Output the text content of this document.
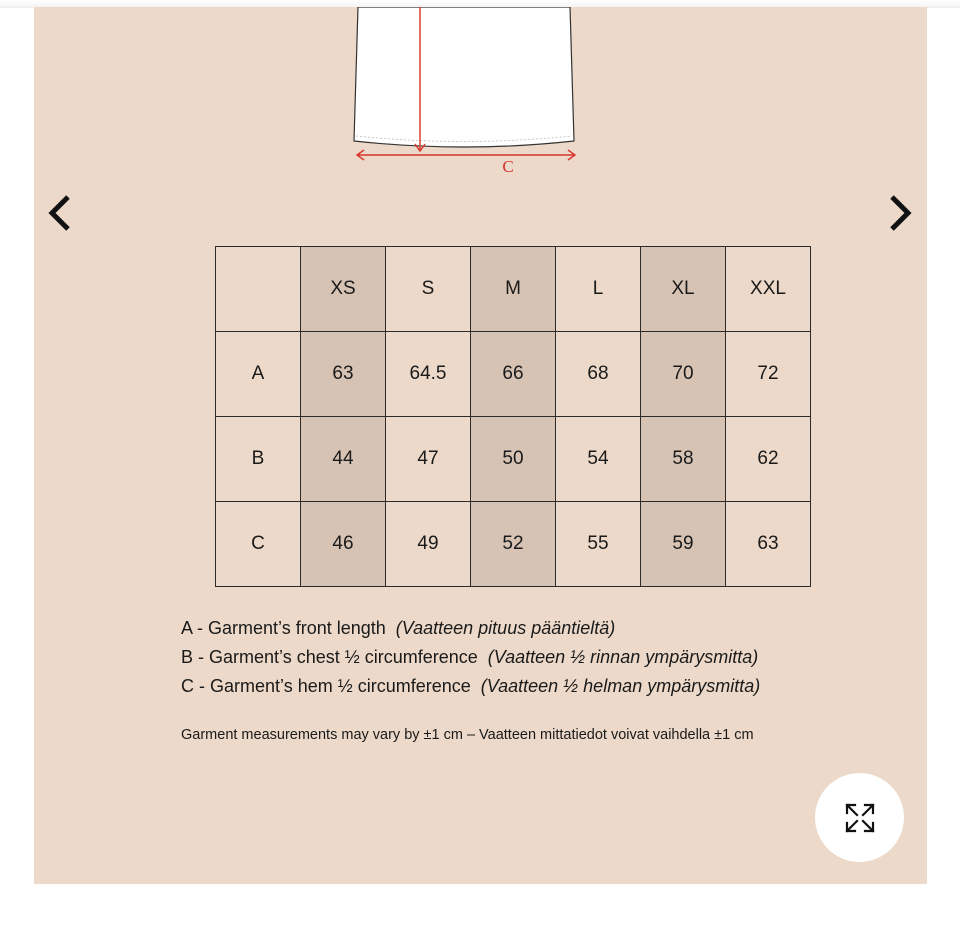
C
	XS	S	M	L	XL	XXL
A	63	64.5	66	68	70	72
B	44	47	50	54	58	62
C	46	49	52	55	59	63
A - Garment’s front length (Vaatteen pituus pääntieltä)
B - Garment’s chest ½ circumference (Vaatteen ½ rinnan ympärysmitta)
C - Garment’s hem ½ circumference (Vaatteen ½ helman ympärysmitta)
Garment measurements may vary by ±1 cm – Vaatteen mittatiedot voivat vaihdella ±1 cm
